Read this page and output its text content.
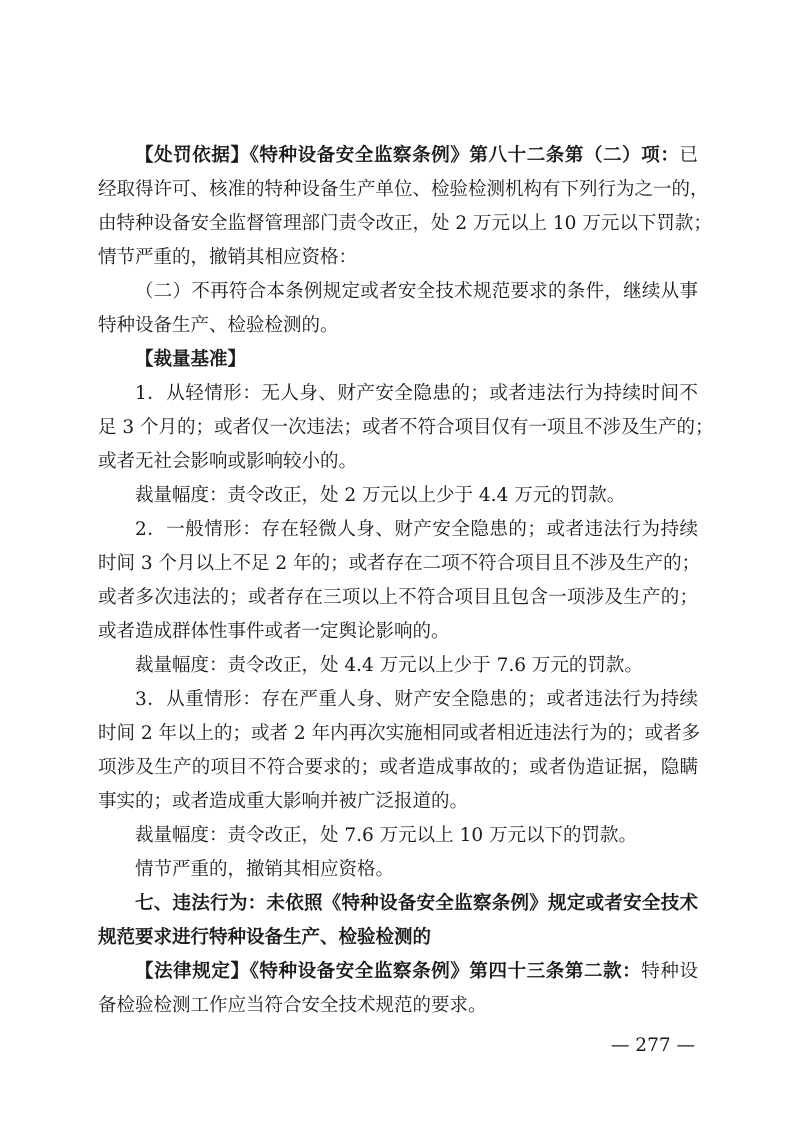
【处罚依据】《特种设备安全监察条例》第八十二条第（二）项：已
经取得许可、核准的特种设备生产单位、检验检测机构有下列行为之一的，
由特种设备安全监督管理部门责令改正，处 2 万元以上 10 万元以下罚款；
情节严重的，撤销其相应资格：
（二）不再符合本条例规定或者安全技术规范要求的条件，继续从事
特种设备生产、检验检测的。
【裁量基准】
1．从轻情形：无人身、财产安全隐患的；或者违法行为持续时间不
足 3 个月的；或者仅一次违法；或者不符合项目仅有一项且不涉及生产的；
或者无社会影响或影响较小的。
裁量幅度：责令改正，处 2 万元以上少于 4.4 万元的罚款。
2．一般情形：存在轻微人身、财产安全隐患的；或者违法行为持续
时间 3 个月以上不足 2 年的；或者存在二项不符合项目且不涉及生产的；
或者多次违法的；或者存在三项以上不符合项目且包含一项涉及生产的；
或者造成群体性事件或者一定舆论影响的。
裁量幅度：责令改正，处 4.4 万元以上少于 7.6 万元的罚款。
3．从重情形：存在严重人身、财产安全隐患的；或者违法行为持续
时间 2 年以上的；或者 2 年内再次实施相同或者相近违法行为的；或者多
项涉及生产的项目不符合要求的；或者造成事故的；或者伪造证据，隐瞒
事实的；或者造成重大影响并被广泛报道的。
裁量幅度：责令改正，处 7.6 万元以上 10 万元以下的罚款。
情节严重的，撤销其相应资格。
七、违法行为：未依照《特种设备安全监察条例》规定或者安全技术
规范要求进行特种设备生产、检验检测的
【法律规定】《特种设备安全监察条例》第四十三条第二款：特种设
备检验检测工作应当符合安全技术规范的要求。
— 277 —
